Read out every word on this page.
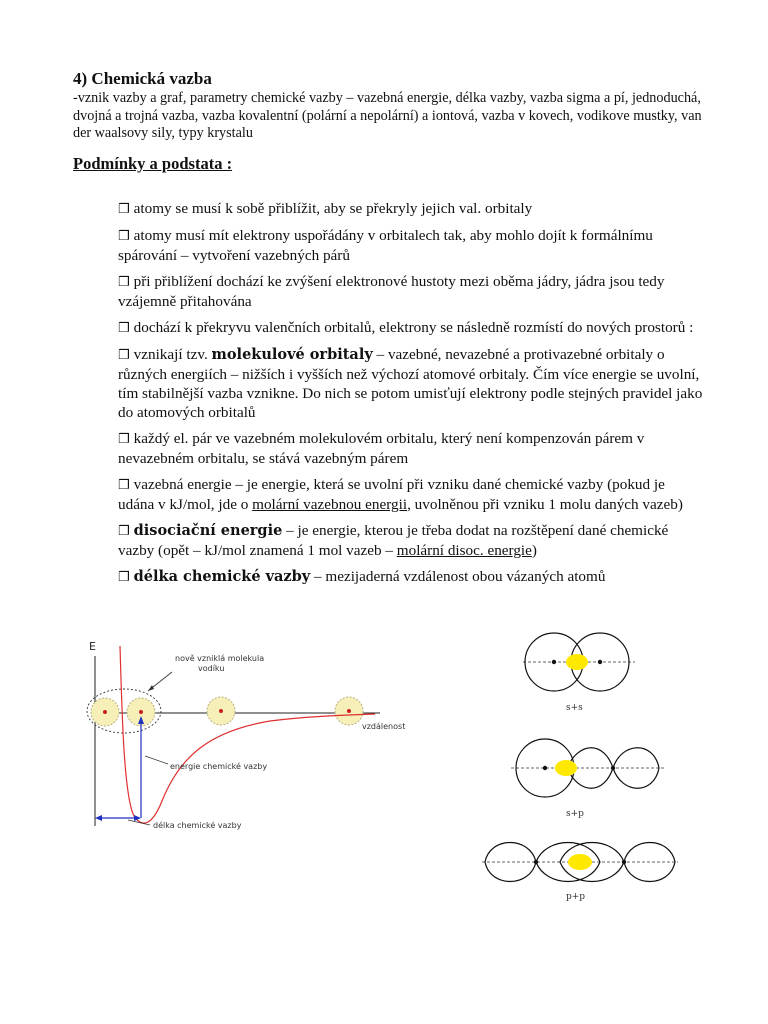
4) Chemická vazba
-vznik vazby a graf, parametry chemické vazby – vazebná energie, délka vazby, vazba sigma a pí, jednoduchá, dvojná a trojná vazba, vazba kovalentní (polární a nepolární) a iontová, vazba v kovech, vodikove mustky, van der waalsovy sily, typy krystalu
Podmínky a podstata :
❒ atomy se musí k sobě přiblížit, aby se překryly jejich val. orbitaly
❒ atomy musí mít elektrony uspořádány v orbitalech tak, aby mohlo dojít k formálnímu spárování – vytvoření vazebných párů
❒ při přiblížení dochází ke zvýšení elektronové hustoty mezi oběma jádry, jádra jsou tedy vzájemně přitahována
❒ dochází k překryvu valenčních orbitalů, elektrony se následně rozmístí do nových prostorů :
❒ vznikají tzv. molekulové orbitaly – vazebné, nevazebné a protivazebné orbitaly o různých energiích – nižších i vyšších než výchozí atomové orbitaly. Čím více energie se uvolní, tím stabilnější vazba vznikne. Do nich se potom umisťují elektrony podle stejných pravidel jako do atomových orbitalů
❒ každý el. pár ve vazebném molekulovém orbitalu, který není kompenzován párem v nevazebném orbitalu, se stává vazebným párem
❒ vazebná energie – je energie, která se uvolní při vzniku dané chemické vazby (pokud je udána v kJ/mol, jde o molární vazebnou energii, uvolněnou při vzniku 1 molu daných vazeb)
❒ disociační energie – je energie, kterou je třeba dodat na rozštěpení dané chemické vazby (opět – kJ/mol znamená 1 mol vazeb – molární disoc. energie)
❒ délka chemické vazby – mezijaderná vzdálenost obou vázaných atomů
E
vzdálenost
nově vzniklá molekula
vodíku
energie chemické vazby
délka chemické vazby
s+s
s+p
p+p
